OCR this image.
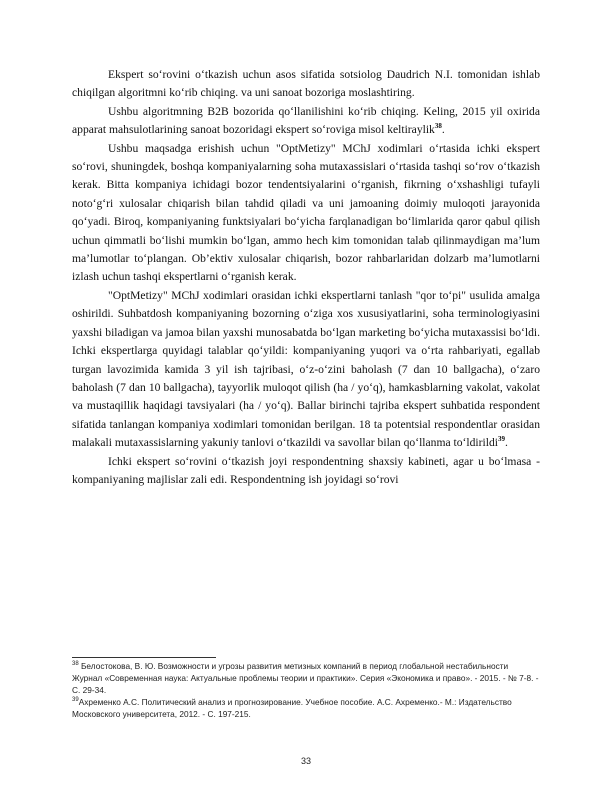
Ekspert so‘rovini o‘tkazish uchun asos sifatida sotsiolog Daudrich N.I. tomonidan ishlab chiqilgan algoritmni ko‘rib chiqing. va uni sanoat bozoriga moslashtiring.

Ushbu algoritmning B2B bozorida qo‘llanilishini ko‘rib chiqing. Keling, 2015 yil oxirida apparat mahsulotlarining sanoat bozoridagi ekspert so‘roviga misol keltiraylik$^{38}$.

Ushbu maqsadga erishish uchun "OptMetizy" MChJ xodimlari o‘rtasida ichki ekspert so‘rovi, shuningdek, boshqa kompaniyalarning soha mutaxassislari o‘rtasida tashqi so‘rov o‘tkazish kerak. Bitta kompaniya ichidagi bozor tendentsiyalarini o‘rganish, fikrning o‘xshashligi tufayli noto‘g‘ri xulosalar chiqarish bilan tahdid qiladi va uni jamoaning doimiy muloqoti jarayonida qo‘yadi. Biroq, kompaniyaning funktsiyalari bo‘yicha farqlanadigan bo‘limlarida qaror qabul qilish uchun qimmatli bo‘lishi mumkin bo‘lgan, ammo hech kim tomonidan talab qilinmaydigan ma’lum ma’lumotlar to‘plangan. Ob’ektiv xulosalar chiqarish, bozor rahbarlaridan dolzarb ma’lumotlarni izlash uchun tashqi ekspertlarni o‘rganish kerak.

"OptMetizy" MChJ xodimlari orasidan ichki ekspertlarni tanlash "qor to‘pi" usulida amalga oshirildi. Suhbatdosh kompaniyaning bozorning o‘ziga xos xususiyatlarini, soha terminologiyasini yaxshi biladigan va jamoa bilan yaxshi munosabatda bo‘lgan marketing bo‘yicha mutaxassisi bo‘ldi. Ichki ekspertlarga quyidagi talablar qo‘yildi: kompaniyaning yuqori va o‘rta rahbariyati, egallab turgan lavozimida kamida 3 yil ish tajribasi, o‘z-o‘zini baholash (7 dan 10 ballgacha), o‘zaro baholash (7 dan 10 ballgacha), tayyorlik muloqot qilish (ha / yo‘q), hamkasblarning vakolat, vakolat va mustaqillik haqidagi tavsiyalari (ha / yo‘q). Ballar birinchi tajriba ekspert suhbatida respondent sifatida tanlangan kompaniya xodimlari tomonidan berilgan. 18 ta potentsial respondentlar orasidan malakali mutaxassislarning yakuniy tanlovi o‘tkazildi va savollar bilan qo‘llanma to‘ldirildi$^{39}$.

Ichki ekspert so‘rovini o‘tkazish joyi respondentning shaxsiy kabineti, agar u bo‘lmasa - kompaniyaning majlislar zali edi. Respondentning ish joyidagi so‘rovi

$^{38}$ Белостокова, В. Ю. Возможности и угрозы развития метизных компаний в период глобальной нестабильности Журнал «Современная наука: Актуальные проблемы теории и практики». Серия «Экономика и право». - 2015. - № 7-8. - С. 29-34.

$^{39}$Ахременко А.С. Политический анализ и прогнозирование. Учебное пособие. А.С. Ахременко.- М.: Издательство Московского университета, 2012. - С. 197-215.

33
